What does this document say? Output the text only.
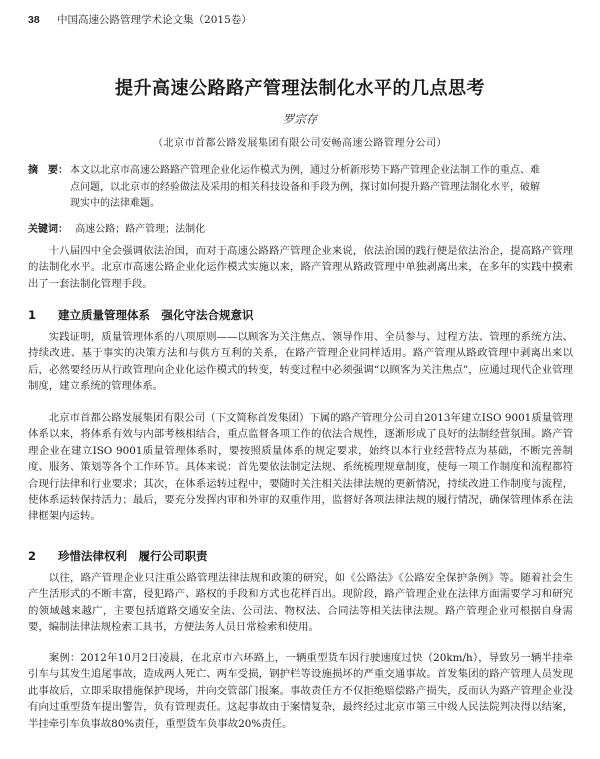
38 中国高速公路管理学术论文集（2015卷）
提升高速公路路产管理法制化水平的几点思考
罗宗存
（北京市首都公路发展集团有限公司安畅高速公路管理分公司）
摘　要： 本文以北京市高速公路路产管理企业化运作模式为例，通过分析新形势下路产管理企业法制工作的重点、难点问题，以北京市的经验做法及采用的相关科技设备和手段为例，探讨如何提升路产管理法制化水平，破解现实中的法律难题。
关键词： 高速公路；路产管理；法制化
十八届四中全会强调依法治国，而对于高速公路路产管理企业来说，依法治国的践行便是依法治企，提高路产管理的法制化水平。北京市高速公路企业化运作模式实施以来，路产管理从路政管理中单独剥离出来，在多年的实践中摸索出了一套法制化管理手段。
1 建立质量管理体系　强化守法合规意识
实践证明，质量管理体系的八项原则——以顾客为关注焦点、领导作用、全员参与、过程方法、管理的系统方法、持续改进、基于事实的决策方法和与供方互利的关系，在路产管理企业同样适用。路产管理从路政管理中剥离出来以后，必然要经历从行政管理向企业化运作模式的转变，转变过程中必须强调“以顾客为关注焦点”，应通过现代企业管理制度，建立系统的管理体系。
北京市首都公路发展集团有限公司（下文简称首发集团）下属的路产管理分公司自2013年建立ISO 9001质量管理体系以来，将体系有效与内部考核相结合，重点监督各项工作的依法合规性，逐渐形成了良好的法制经营氛围。路产管理企业在建立ISO 9001质量管理体系时，要按照质量体系的规定要求，始终以本行业经营特点为基础，不断完善制度、服务、策划等各个工作环节。具体来说：首先要依法制定法规、系统梳理规章制度，使每一项工作制度和流程都符合现行法律和行业要求；其次，在体系运转过程中，要随时关注相关法律法规的更新情况，持续改进工作制度与流程，使体系运转保持活力；最后，要充分发挥内审和外审的双重作用，监督好各项法律法规的履行情况，确保管理体系在法律框架内运转。
2 珍惜法律权利　履行公司职责
以往，路产管理企业只注重公路管理法律法规和政策的研究，如《公路法》《公路安全保护条例》等。随着社会生产生活形式的不断丰富，侵犯路产、路权的手段和方式也花样百出。现阶段，路产管理企业在法律方面需要学习和研究的领域越来越广，主要包括道路交通安全法、公司法、物权法、合同法等相关法律法规。路产管理企业可根据自身需要，编制法律法规检索工具书，方便法务人员日常检索和使用。
案例：2012年10月2日凌晨，在北京市六环路上，一辆重型货车因行驶速度过快（20km/h），导致另一辆半挂牵引车与其发生追尾事故，造成两人死亡、两车受损，钢护栏等设施损坏的严重交通事故。首发集团的路产管理人员发现此事故后，立即采取措施保护现场，并向交管部门报案。事故责任方不仅拒绝赔偿路产损失，反而认为路产管理企业没有向过重型货车提出警告，负有管理责任。这起事故由于案情复杂，最终经过北京市第三中级人民法院判决得以结案，半挂牵引车负事故80%责任，重型货车负事故20%责任。
